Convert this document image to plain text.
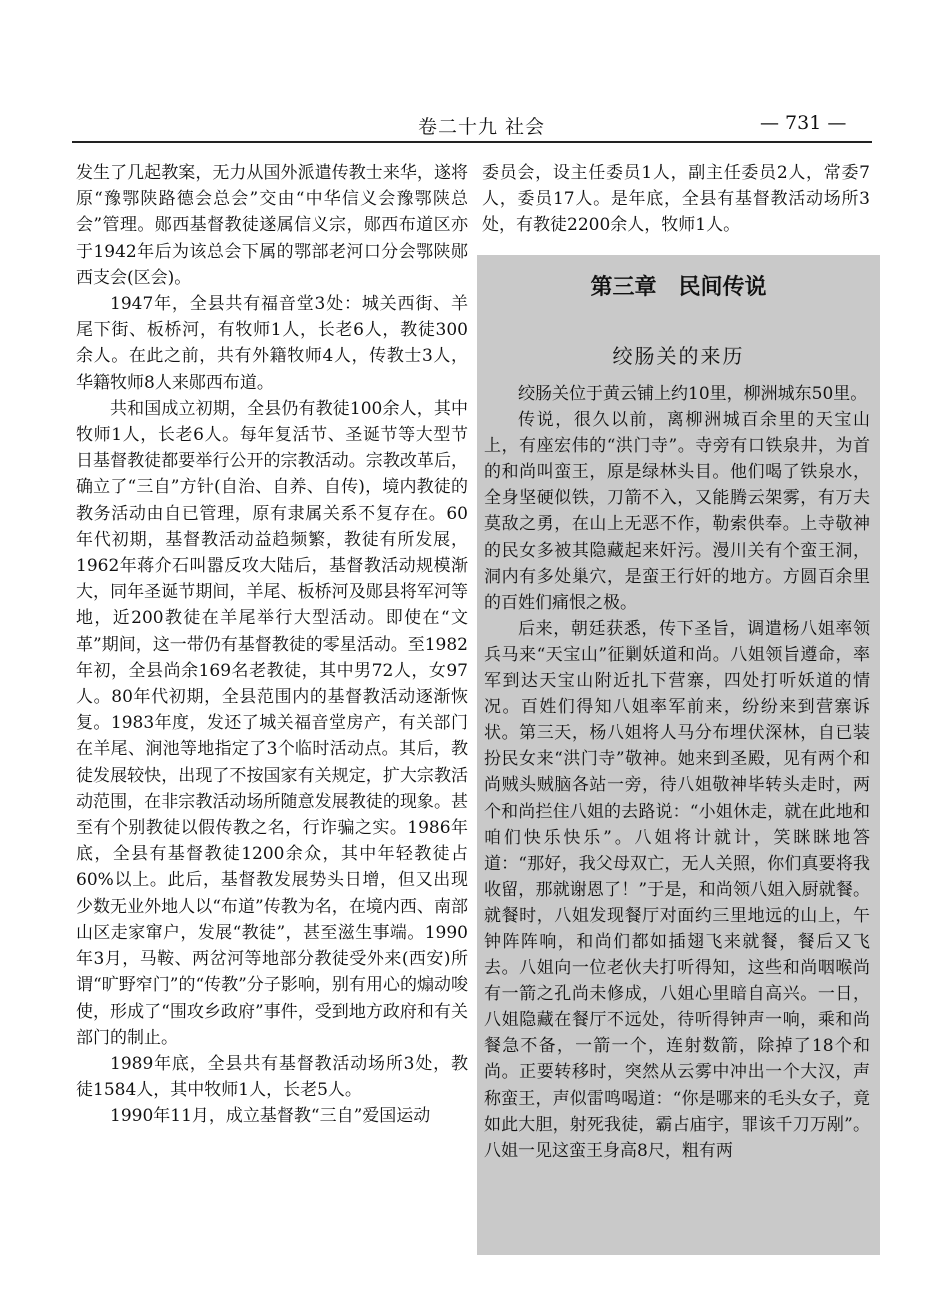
卷二十九 社会	— 731 —

发生了几起教案，无力从国外派遣传教士来华，遂将原“豫鄂陕路德会总会”交由“中华信义会豫鄂陕总会”管理。郧西基督教徒遂属信义宗，郧西布道区亦于1942年后为该总会下属的鄂部老河口分会鄂陕郧西支会(区会)。

1947年，全县共有福音堂3处：城关西街、羊尾下街、板桥河，有牧师1人，长老6人，教徒300余人。在此之前，共有外籍牧师4人，传教士3人，华籍牧师8人来郧西布道。

共和国成立初期，全县仍有教徒100余人，其中牧师1人，长老6人。每年复活节、圣诞节等大型节日基督教徒都要举行公开的宗教活动。宗教改革后，确立了“三自”方针(自治、自养、自传)，境内教徒的教务活动由自已管理，原有隶属关系不复存在。60年代初期，基督教活动益趋频繁，教徒有所发展，1962年蒋介石叫嚣反攻大陆后，基督教活动规模渐大，同年圣诞节期间，羊尾、板桥河及郧县将军河等地，近200教徒在羊尾举行大型活动。即使在“文革”期间，这一带仍有基督教徒的零星活动。至1982年初，全县尚余169名老教徒，其中男72人，女97人。80年代初期，全县范围内的基督教活动逐渐恢复。1983年度，发还了城关福音堂房产，有关部门在羊尾、涧池等地指定了3个临时活动点。其后，教徒发展较快，出现了不按国家有关规定，扩大宗教活动范围，在非宗教活动场所随意发展教徒的现象。甚至有个别教徒以假传教之名，行诈骗之实。1986年底，全县有基督教徒1200余众，其中年轻教徒占60%以上。此后，基督教发展势头日增，但又出现少数无业外地人以“布道”传教为名，在境内西、南部山区走家窜户，发展“教徒”，甚至滋生事端。1990年3月，马鞍、两岔河等地部分教徒受外来(西安)所谓“旷野窄门”的“传教”分子影响，别有用心的煽动唆使，形成了“围攻乡政府”事件，受到地方政府和有关部门的制止。

1989年底，全县共有基督教活动场所3处，教徒1584人，其中牧师1人，长老5人。

1990年11月，成立基督教“三自”爱国运动

委员会，设主任委员1人，副主任委员2人，常委7人，委员17人。是年底，全县有基督教活动场所3处，有教徒2200余人，牧师1人。

第三章　民间传说
绞肠关的来历

绞肠关位于黄云铺上约10里，柳洲城东50里。

传说，很久以前，离柳洲城百余里的天宝山上，有座宏伟的“洪门寺”。寺旁有口铁泉井，为首的和尚叫蛮王，原是绿林头目。他们喝了铁泉水，全身坚硬似铁，刀箭不入，又能腾云架雾，有万夫莫敌之勇，在山上无恶不作，勒索供奉。上寺敬神的民女多被其隐藏起来奸污。漫川关有个蛮王洞，洞内有多处巢穴，是蛮王行奸的地方。方圆百余里的百姓们痛恨之极。

后来，朝廷获悉，传下圣旨，调遣杨八姐率领兵马来“天宝山”征剿妖道和尚。八姐领旨遵命，率军到达天宝山附近扎下营寨，四处打听妖道的情况。百姓们得知八姐率军前来，纷纷来到营寨诉状。第三天，杨八姐将人马分布埋伏深林，自已装扮民女来“洪门寺”敬神。她来到圣殿，见有两个和尚贼头贼脑各站一旁，待八姐敬神毕转头走时，两个和尚拦住八姐的去路说：“小姐休走，就在此地和咱们快乐快乐”。八姐将计就计，笑眯眯地答道：“那好，我父母双亡，无人关照，你们真要将我收留，那就谢恩了！”于是，和尚领八姐入厨就餐。就餐时，八姐发现餐厅对面约三里地远的山上，午钟阵阵响，和尚们都如插翅飞来就餐，餐后又飞去。八姐向一位老伙夫打听得知，这些和尚咽喉尚有一箭之孔尚未修成，八姐心里暗自高兴。一日，八姐隐藏在餐厅不远处，待听得钟声一响，乘和尚餐急不备，一箭一个，连射数箭，除掉了18个和尚。正要转移时，突然从云雾中冲出一个大汉，声称蛮王，声似雷鸣喝道：“你是哪来的毛头女子，竟如此大胆，射死我徒，霸占庙宇，罪该千刀万剐”。八姐一见这蛮王身高8尺，粗有两
